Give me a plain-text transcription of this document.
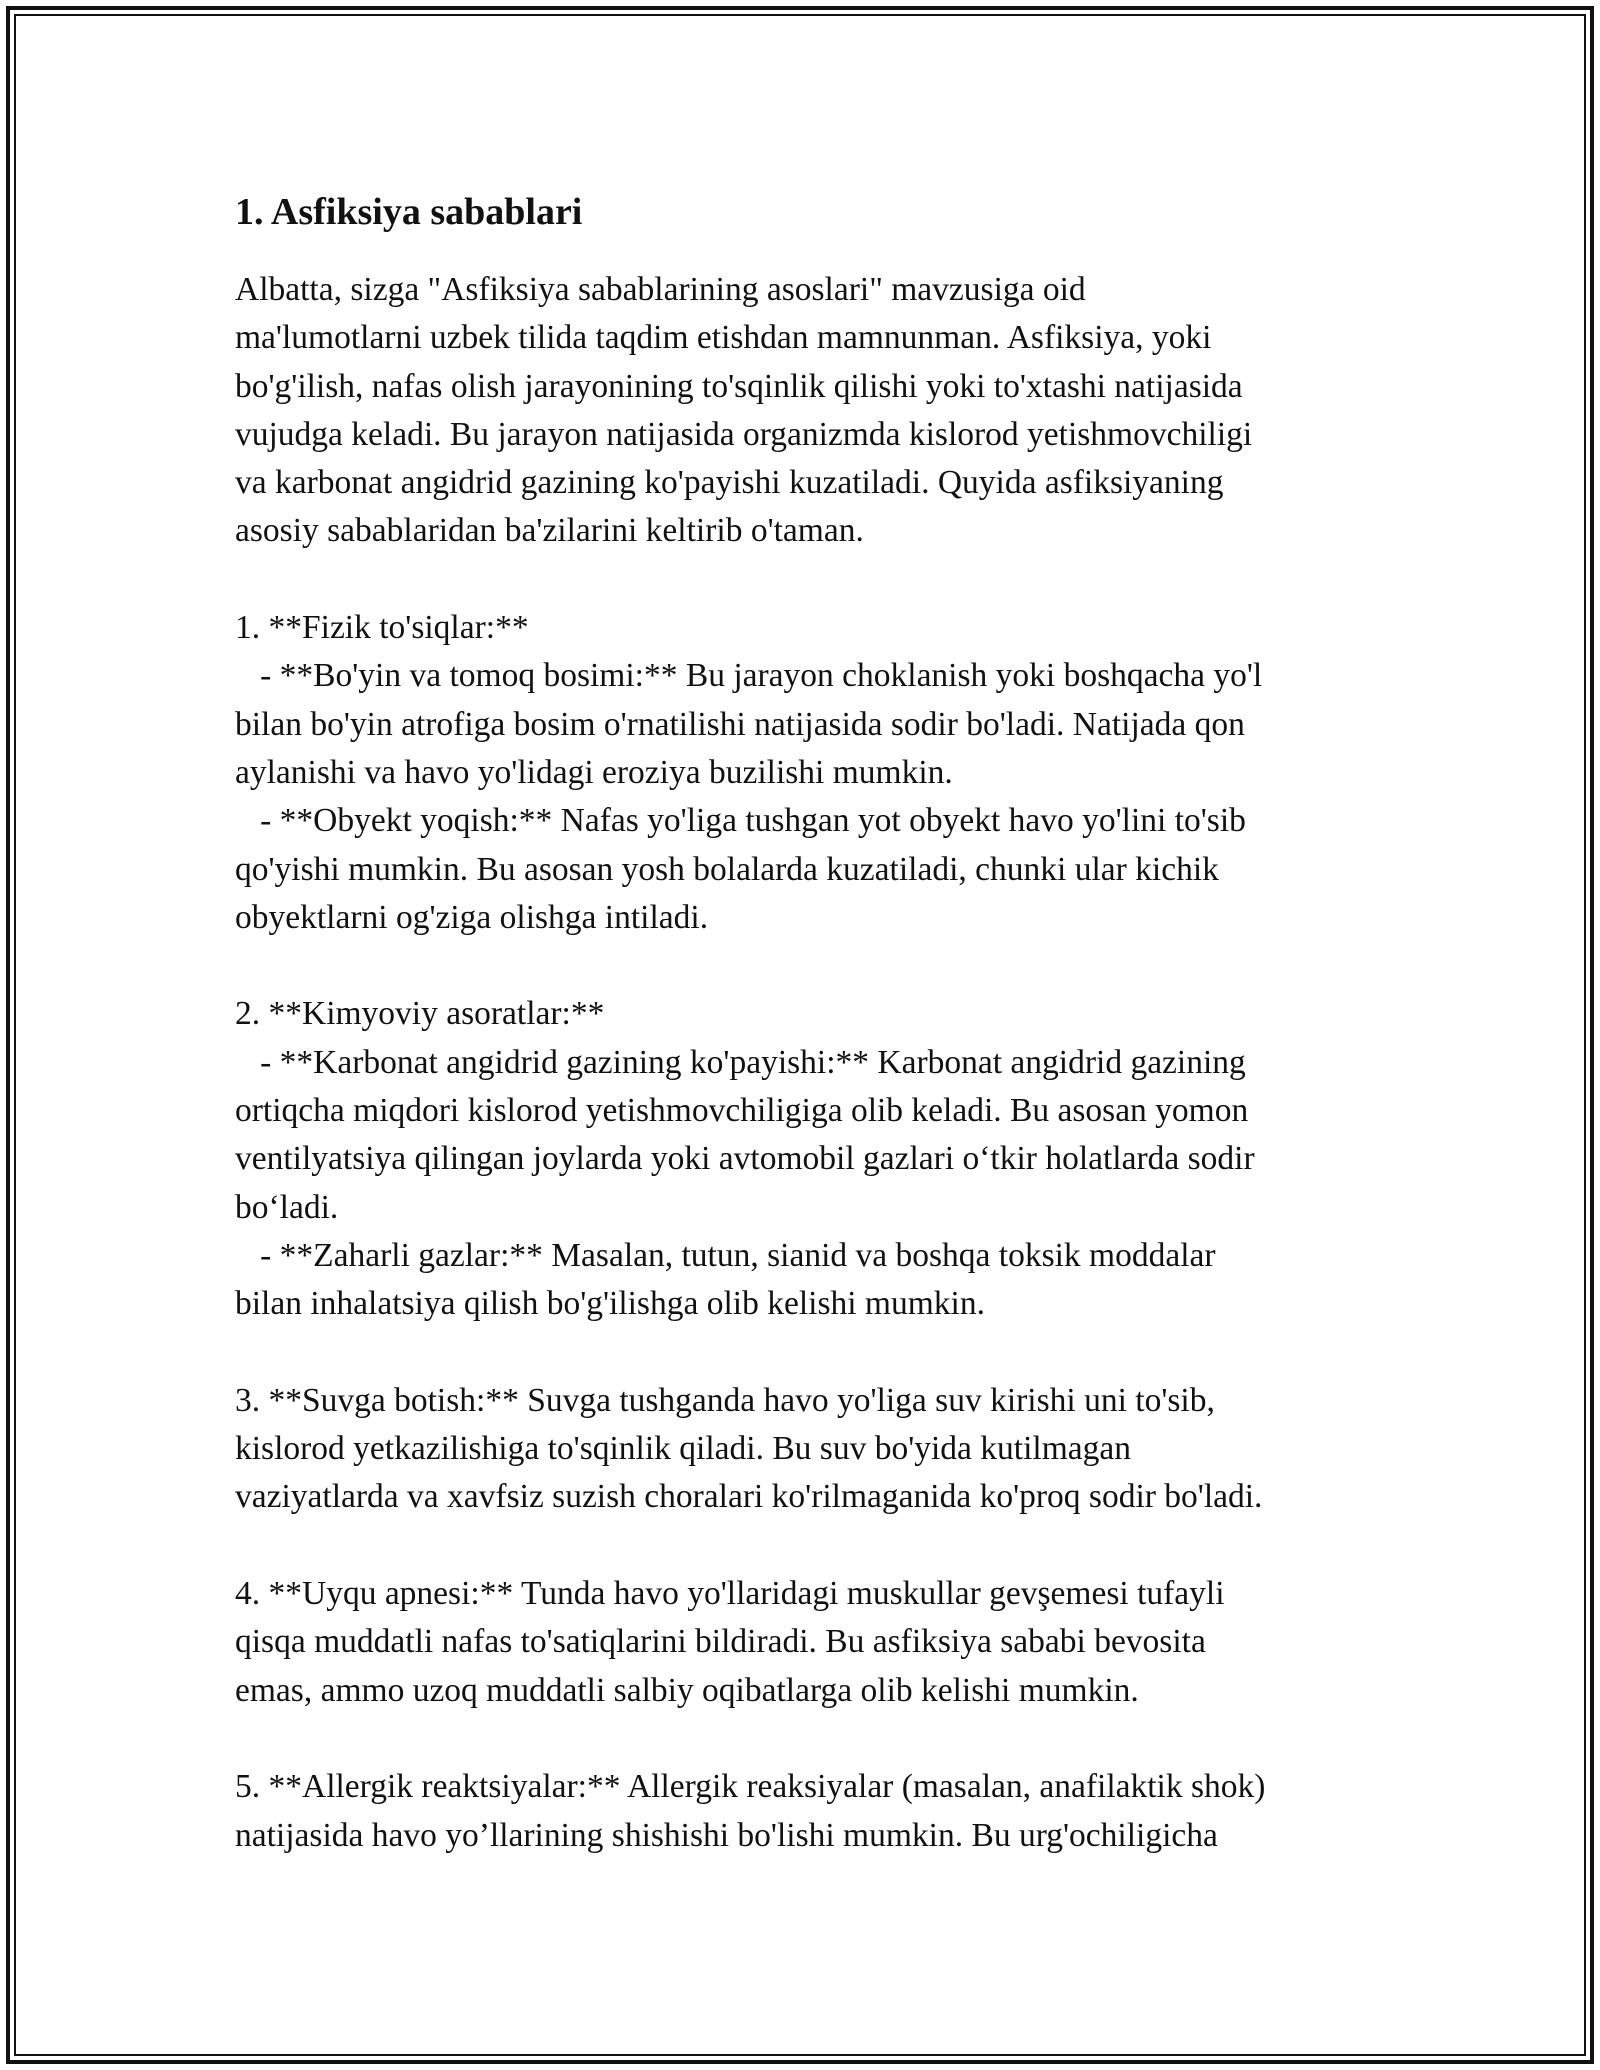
1. Asfiksiya sabablari

Albatta, sizga "Asfiksiya sabablarining asoslari" mavzusiga oid
ma'lumotlarni uzbek tilida taqdim etishdan mamnunman. Asfiksiya, yoki
bo'g'ilish, nafas olish jarayonining to'sqinlik qilishi yoki to'xtashi natijasida
vujudga keladi. Bu jarayon natijasida organizmda kislorod yetishmovchiligi
va karbonat angidrid gazining ko'payishi kuzatiladi. Quyida asfiksiyaning
asosiy sabablaridan ba'zilarini keltirib o'taman.

1. **Fizik to'siqlar:**
- **Bo'yin va tomoq bosimi:** Bu jarayon choklanish yoki boshqacha yo'l
bilan bo'yin atrofiga bosim o'rnatilishi natijasida sodir bo'ladi. Natijada qon
aylanishi va havo yo'lidagi eroziya buzilishi mumkin.
- **Obyekt yoqish:** Nafas yo'liga tushgan yot obyekt havo yo'lini to'sib
qo'yishi mumkin. Bu asosan yosh bolalarda kuzatiladi, chunki ular kichik
obyektlarni og'ziga olishga intiladi.

2. **Kimyoviy asoratlar:**
- **Karbonat angidrid gazining ko'payishi:** Karbonat angidrid gazining
ortiqcha miqdori kislorod yetishmovchiligiga olib keladi. Bu asosan yomon
ventilyatsiya qilingan joylarda yoki avtomobil gazlari o‘tkir holatlarda sodir
bo‘ladi.
- **Zaharli gazlar:** Masalan, tutun, sianid va boshqa toksik moddalar
bilan inhalatsiya qilish bo'g'ilishga olib kelishi mumkin.

3. **Suvga botish:** Suvga tushganda havo yo'liga suv kirishi uni to'sib,
kislorod yetkazilishiga to'sqinlik qiladi. Bu suv bo'yida kutilmagan
vaziyatlarda va xavfsiz suzish choralari ko'rilmaganida ko'proq sodir bo'ladi.

4. **Uyqu apnesi:** Tunda havo yo'llaridagi muskullar gevşemesi tufayli
qisqa muddatli nafas to'satiqlarini bildiradi. Bu asfiksiya sababi bevosita
emas, ammo uzoq muddatli salbiy oqibatlarga olib kelishi mumkin.

5. **Allergik reaktsiyalar:** Allergik reaksiyalar (masalan, anafilaktik shok)
natijasida havo yo’llarining shishishi bo'lishi mumkin. Bu urg'ochiligicha
